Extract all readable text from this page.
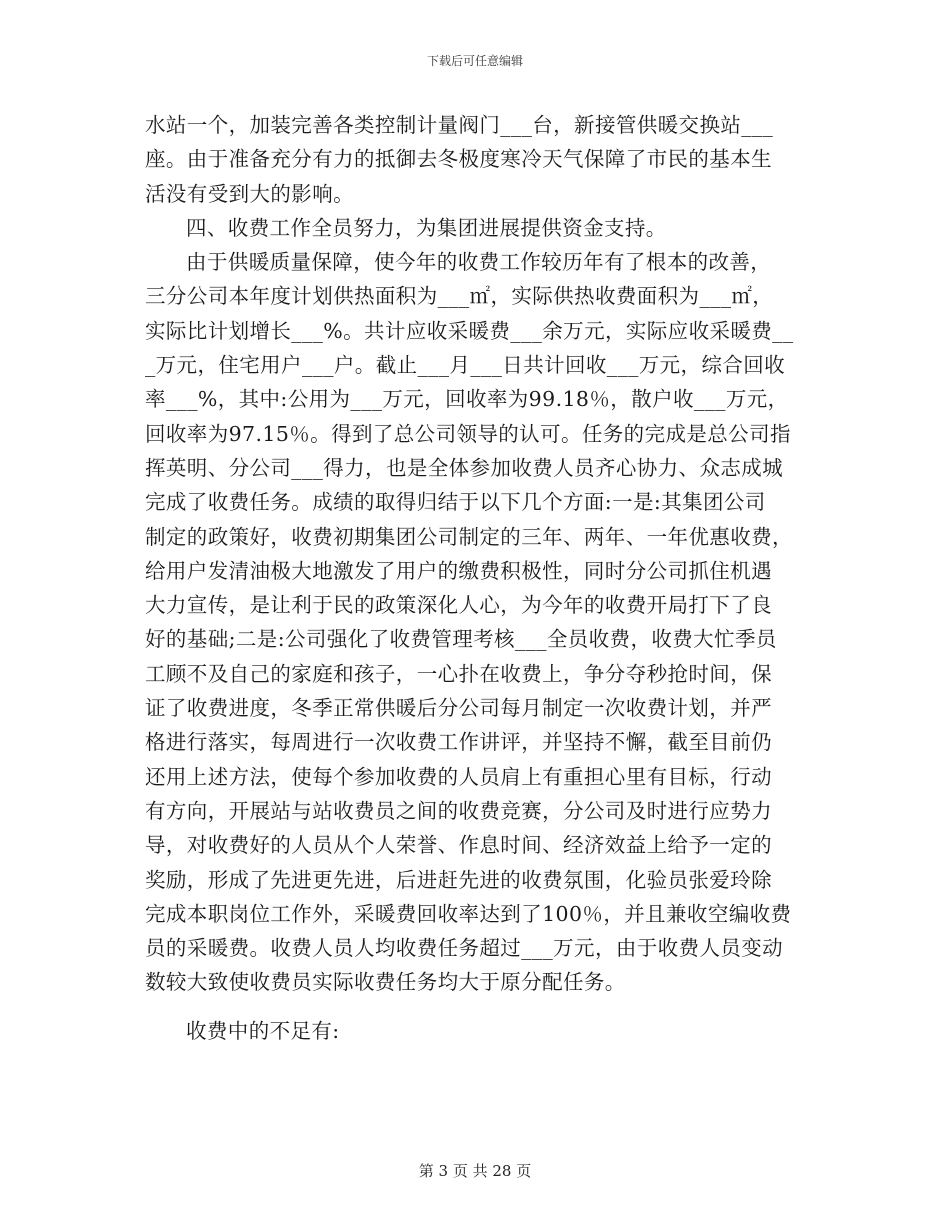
下载后可任意编辑
水站一个，加装完善各类控制计量阀门___台，新接管供暖交换站___
座。由于准备充分有力的抵御去冬极度寒冷天气保障了市民的基本生
活没有受到大的影响。
四、收费工作全员努力，为集团进展提供资金支持。
由于供暖质量保障，使今年的收费工作较历年有了根本的改善，
三分公司本年度计划供热面积为___㎡，实际供热收费面积为___㎡，
实际比计划增长___%。共计应收采暖费___余万元，实际应收采暖费__
_万元，住宅用户___户。截止___月___日共计回收___万元，综合回收
率___%，其中:公用为___万元，回收率为99.18％，散户收___万元，
回收率为97.15％。得到了总公司领导的认可。任务的完成是总公司指
挥英明、分公司___得力，也是全体参加收费人员齐心协力、众志成城
完成了收费任务。成绩的取得归结于以下几个方面:一是:其集团公司
制定的政策好，收费初期集团公司制定的三年、两年、一年优惠收费，
给用户发清油极大地激发了用户的缴费积极性，同时分公司抓住机遇
大力宣传，是让利于民的政策深化人心，为今年的收费开局打下了良
好的基础;二是:公司强化了收费管理考核___全员收费，收费大忙季员
工顾不及自己的家庭和孩子，一心扑在收费上，争分夺秒抢时间，保
证了收费进度，冬季正常供暖后分公司每月制定一次收费计划，并严
格进行落实，每周进行一次收费工作讲评，并坚持不懈，截至目前仍
还用上述方法，使每个参加收费的人员肩上有重担心里有目标，行动
有方向，开展站与站收费员之间的收费竞赛，分公司及时进行应势力
导，对收费好的人员从个人荣誉、作息时间、经济效益上给予一定的
奖励，形成了先进更先进，后进赶先进的收费氛围，化验员张爱玲除
完成本职岗位工作外，采暖费回收率达到了100％，并且兼收空编收费
员的采暖费。收费人员人均收费任务超过___万元，由于收费人员变动
数较大致使收费员实际收费任务均大于原分配任务。
收费中的不足有:
第 3 页 共 28 页
